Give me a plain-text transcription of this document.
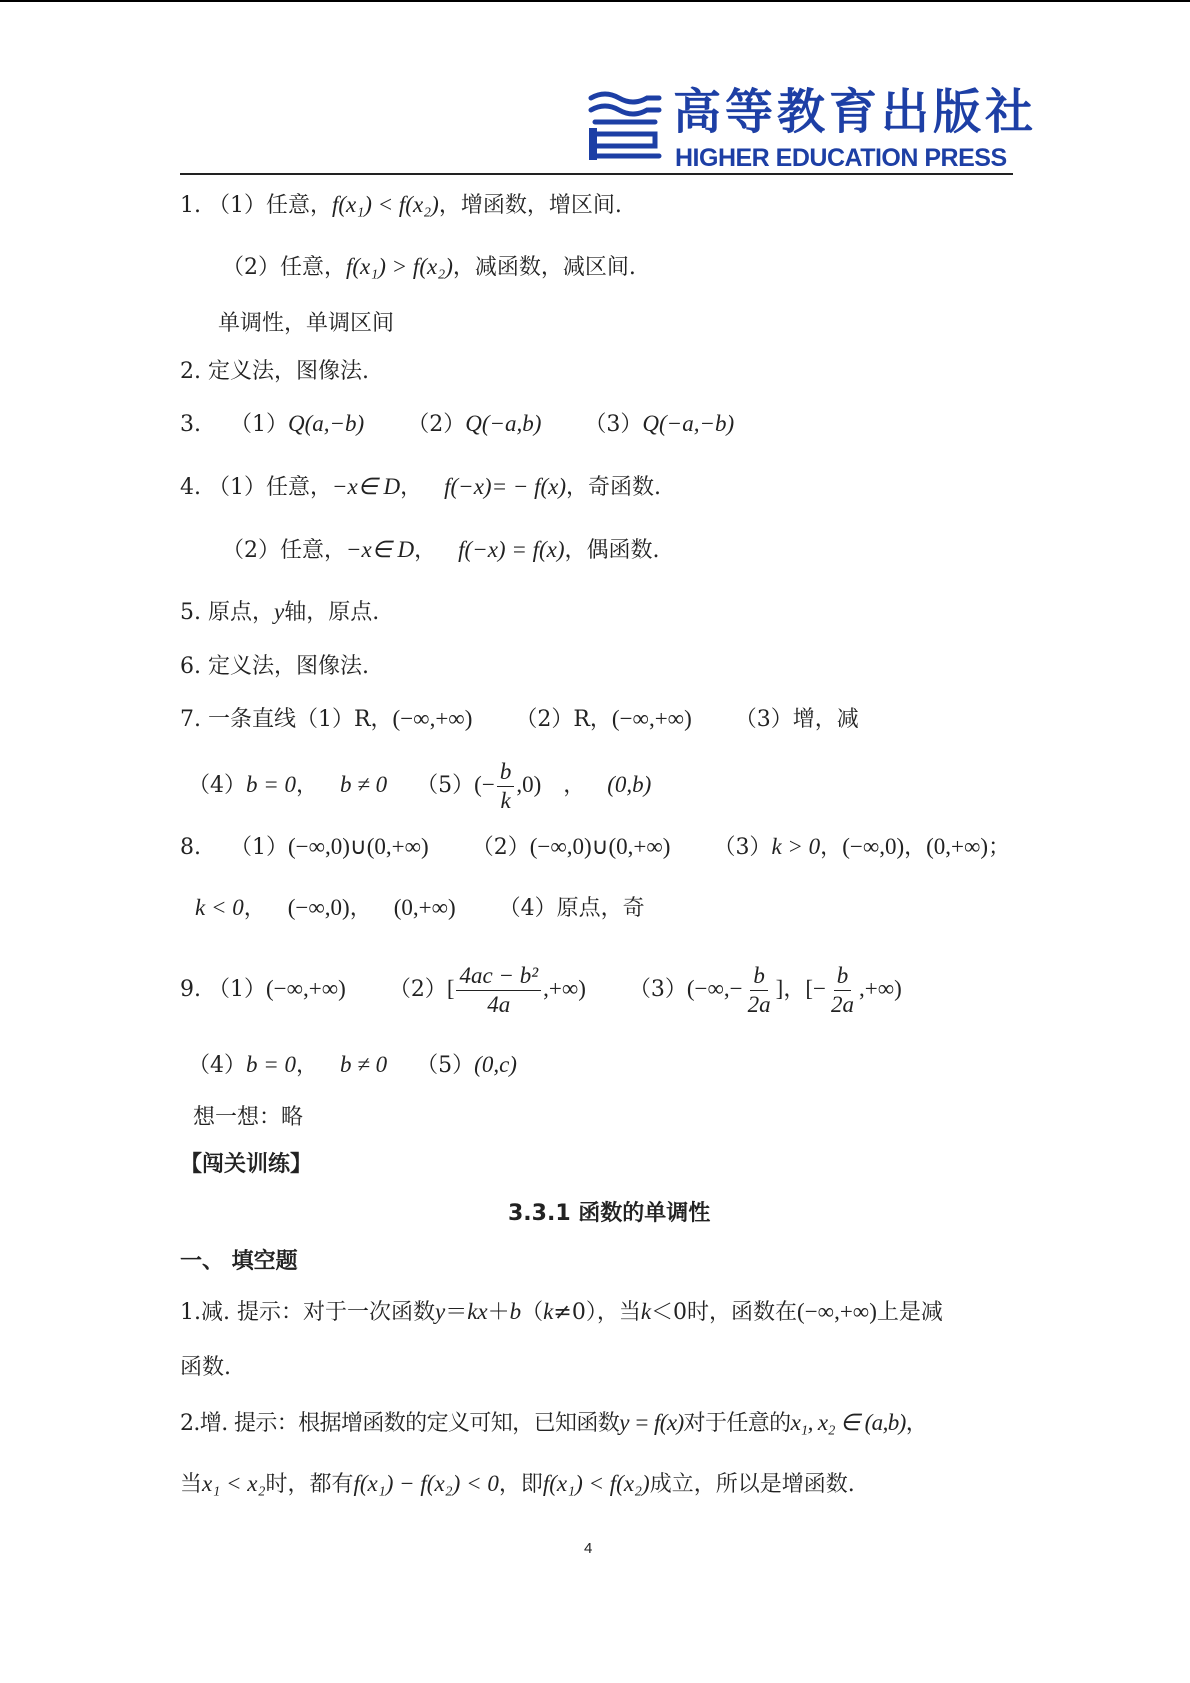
高等教育出版社
HIGHER EDUCATION PRESS
1. （1）任意，f(x₁) < f(x₂)，增函数，增区间.
（2）任意，f(x₁) > f(x₂)，减函数，减区间.
单调性，单调区间
2. 定义法，图像法.
3. （1）Q(a,−b) （2）Q(−a,b) （3）Q(−a,−b)
4. （1）任意，−x∈ D， f(−x)= − f(x)，奇函数.
（2）任意，−x∈ D， f(−x) = f(x)，偶函数.
5. 原点，y轴，原点.
6. 定义法，图像法.
7. 一条直线（1）R，(−∞,+∞) （2）R，(−∞,+∞) （3）增，减
（4）b = 0， b ≠ 0 $(5)(- \frac{b}{k} ,0)$ ， (0,b)
8. （1）(−∞,0)∪(0,+∞) （2）(−∞,0)∪(0,+∞) （3）k > 0，(−∞,0)，(0,+∞)；
k < 0， (−∞,0)， (0,+∞) （4）原点，奇
9. （1）(−∞,+∞) $(2)[ \frac{\text{4ac − b²}}{4a}$ ,+∞) $(3)(-\infty,- \frac{b}{2a}$ ]，[− $\frac{b}{2a}$ ,+∞)
（4）b = 0， b ≠ 0 （5）(0,c)
想一想：略
【闯关训练】
3.3.1 函数的单调性
一、 填空题
1.减. 提示：对于一次函数y＝kx＋b（k≠0），当k＜0时，函数在(−∞,+∞)上是减
函数.
2.增. 提示：根据增函数的定义可知，已知函数y = f(x)对于任意的x₁, x₂ ∈ (a,b)，
当x₁ < x₂时，都有f(x₁) − f(x₂) < 0，即f(x₁) < f(x₂)成立，所以是增函数.
4
